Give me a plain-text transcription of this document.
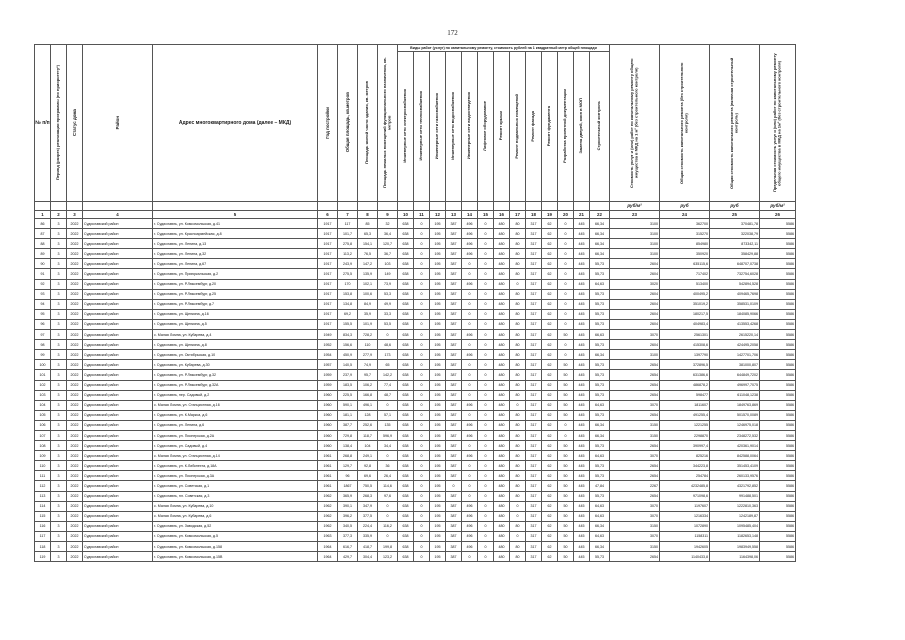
172
№ п/п	Период (разрез) реализации программы (по приоритету*)	Статус дома	Район	Адрес многоквартирного дома (далее – МКД)	Год постройки	Общая площадь, кв.метров	Площадь жилой части здания, кв. метров	Площадь нежилых помещений функционального назначения, кв. метров	Виды работ (услуг) по капитальному ремонту, стоимость рублей на 1 квадратный метр общей площади													Стоимость услуг и (или) работ по капитальному ремонту общего имущества в МКД на 1 м² (без строительного контроля)	Общая стоимость капитального ремонта (без строительного контроля)	Общая стоимость капитального ремонта (включая строительный контроль)	Предельная стоимость услуг и (или) работ по капитальному ремонту общего имущества в МКД на 1м² (без строительного контроля)
									Инженерные сети электроснабжения	Инженерные сети теплоснабжения	Инженерные сети газоснабжения	Инженерные сети водоснабжения	Инженерные сети водоотведения	Лифтовое оборудование	Ремонт крыши	Ремонт подвальных помещений	Ремонт фасада	Ремонт фундамента	Разработка проектной документации	Замена дверей, окон в МОП	Строительный контроль				
																						руб/м²	руб	руб	руб/м²
1	2	3	4	5	6	7	8	9	10	11	12	13	14	15	16	17	18	19	20	21	22	23	24	25	26
86	3	2022	Судиславский район	г. Судиславль, ул. Комсомольская, д.41	1917	117	85	32	638	0	195	387	496	0	480	80	317	62	0	445	66,34	3100	362700	370481,78	5586
87	3	2022	Судиславский район	г. Судиславль, ул. Красноармейская, д.8	1917	101,7	65,3	36,4	638	0	195	387	496	0	480	80	317	62	0	445	66,34	3100	315270	322038,79	5586
88	3	2022	Судиславский район	г. Судиславль, ул. Ленина, д.13	1917	275,8	154,1	120,7	638	0	195	387	496	0	480	80	317	62	0	445	66,34	3100	854980	873342,11	5586
89	3	2022	Судиславский район	г. Судиславль, ул. Ленина, д.32	1917	113,2	76,5	36,7	638	0	195	387	496	0	480	80	317	62	0	445	66,34	3100	350920	358429,88	5586
90	3	2022	Судиславский район	г. Судиславль, ул. Ленина, д.67	1917	243,9	147,2	103	638	0	195	387	0	0	480	80	317	62	0	445	55,73	2604	635115,6	648707,0738	5586
91	3	2022	Судиславский район	г. Судиславль, ул. Приюркальская, д.2	1917	275,5	135,9	149	638	0	195	387	0	0	480	80	317	62	0	445	55,73	2604	717402	732754,6028	5586
92	3	2022	Судиславский район	г. Судиславль, ул. Р.Люксембург, д.20	1917	170	102,1	73,9	638	0	195	387	496	0	480	0	317	62	0	445	64,63	3020	513400	542894,528	5586
93	3	2022	Судиславский район	г. Судиславль, ул. Р.Люксембург, д.25	1917	153,8	100,6	53,3	638	0	195	387	0	0	480	80	317	62	0	445	55,73	2604	400495,2	409465,7698	5586
94	3	2022	Судиславский район	г. Судиславль, ул. Р.Люксембург, д.7	1917	134,8	84,9	49,9	638	0	195	387	0	0	480	80	317	62	0	445	55,73	2604	351019,2	358531,0109	5586
95	3	2022	Судиславский район	г. Судиславль, ул. Щепкина, д.16	1917	69,2	35,9	33,3	638	0	195	387	0	0	480	80	317	62	0	445	55,73	2604	180217,5	184085,9066	5586
96	3	2022	Судиславский район	г. Судиславль, ул. Щепкина, д.5	1917	155,5	101,9	53,5	638	0	195	387	0	0	480	80	317	62	0	445	55,73	2604	404983,4	413553,4268	5586
97	3	2022	Судиславский район	с. Малая Ломна, ул. Кубарева, д.4	1949	834,3	728,2	0	638	0	195	387	496	0	480	80	317	62	50	445	66,63	3070	2561301	2615220,14	5586
98	3	2022	Судиславский район	г. Судиславль, ул. Щепкина, д.8	1952	156,6	110	48,6	638	0	195	387	0	0	480	80	317	62	0	445	55,73	2604	415308,6	424495,2058	5586
99	3	2022	Судиславский район	г. Судиславль, ул. Октябрьская, д.10	1954	450,9	277,9	173	638	0	195	387	496	0	480	80	317	62	0	445	66,34	3100	1397790	1427701,706	5586
100	3	2022	Судиславский район	г. Судиславль, ул. Кубарева, д.30	1957	140,5	74,9	65	638	0	195	387	0	0	480	80	317	62	50	445	55,73	2654	372896,5	381000,807	5586
101	3	2022	Судиславский район	г. Судиславль, ул. Р.Люксембург, д.32	1959	237,9	95,7	142,2	638	0	195	387	0	0	480	80	317	62	50	445	55,73	2654	631386,6	644849,7202	5586
102	3	2022	Судиславский район	г. Судиславль, ул. Р.Люксембург, д.32А	1959	183,5	106,2	77,4	638	0	195	387	0	0	480	80	317	62	50	445	55,73	2654	486878,2	496997,7075	5586
103	3	2022	Судиславский район	г. Судиславль, пер. Садовый, д.2	1960	225,5	166,8	48,7	638	0	195	387	0	0	480	80	317	62	50	445	55,73	2654	598477	611048,1238	5586
104	3	2022	Судиславский район	с. Малая Ломна, ул. Станционная, д.16	1960	590,1	496,1	0	638	0	195	387	496	0	480	0	317	62	50	445	64,63	3070	1811607	1849763,869	5586
105	3	2022	Судиславский район	г. Судиславль, ул. К.Маркса, д.6	1960	181,1	128	57,1	638	0	195	387	0	0	480	80	317	62	50	445	55,73	2654	491255,4	501570,0089	5586
106	3	2022	Судиславский район	г. Судиславль, ул. Ленина, д.6	1960	387,7	252,6	135	638	0	195	387	496	0	480	80	317	62	0	445	66,34	3150	1221255	1246975,018	5586
107	3	2022	Судиславский район	г. Судиславль, ул. Пионерская, д.2А	1960	729,8	118,7	596,9	638	0	195	387	496	0	480	80	317	62	0	445	66,34	3150	2298870	2348272,532	5586
108	3	2022	Судиславский район	г. Судиславль, ул. Садовый, д.4	1960	138,4	104	34,4	638	0	195	387	0	0	480	80	317	62	50	445	55,73	2654	390997,4	420361,9014	5586
109	3	2022	Судиславский район	с. Малая Ломна, ул. Станционная, д.14	1961	268,8	249,1	0	638	0	195	387	496	0	480	80	317	62	50	445	64,63	3070	825216	842588,0064	5586
110	3	2022	Судиславский район	г. Судиславль, ул. К.Либкнехта, д.18А	1961	129,7	92,8	36	638	0	195	387	0	0	480	80	317	62	50	445	55,73	2654	344223,8	351453,4109	5586
111	3	2022	Судиславский район	г. Судиславль, ул. Пионерская, д.3А	1961	96	69,6	26,4	638	0	195	387	0	0	480	80	317	62	50	445	55,73	2654	254784	260133,9576	5586
112	3	2022	Судиславский район	г. Судиславль, ул. Советская, д.1	1961	1867	750,5	114,6	638	0	195	0	0	0	480	80	317	62	50	445	47,84	2267	4232485,8	4321792,852	5586
113	3	2022	Судиславский район	г. Судиславль, пл. Советская, д.3	1962	365,9	268,3	97,6	638	0	195	387	0	0	480	80	317	62	50	445	55,73	2654	971098,6	991488,501	5586
114	3	2022	Судиславский район	с. Малая Ломна, ул. Кубарева, д.10	1962	390,1	347,9	0	638	0	195	387	496	0	480	0	317	62	50	445	64,63	3070	1197607	1222810,363	5586
115	3	2022	Судиславский район	с. Малая Ломна, ул. Кубарева, д.6	1962	396,2	377,5	0	638	0	195	387	496	0	480	0	317	62	50	445	64,63	3070	1216334	1242189,87	5586
116	3	2022	Судиславский район	г. Судиславль, ул. Заводская, д.52	1962	340,5	224,4	116,2	638	0	195	387	496	0	480	80	317	62	50	445	66,34	3150	1072890	1095485,404	5586
117	3	2022	Судиславский район	г. Судиславль, ул. Комсомольская, д.5	1963	377,3	335,9	0	638	0	195	387	496	0	480	0	317	62	50	445	64,63	3070	1158311	1182653,148	5586
118	3	2022	Судиславский район	г. Судиславль, ул. Комсомольская, д.158	1964	616,7	418,7	199,8	638	0	195	387	496	0	480	80	317	62	50	445	66,34	3150	1942605	1983949,558	5586
119	3	2022	Судиславский район	г. Судиславль, ул. Комсомольская, д.15В	1964	429,7	304,4	123,2	638	0	195	387	0	0	480	80	317	62	50	445	55,73	2654	1140433,8	1164398,06	5586
